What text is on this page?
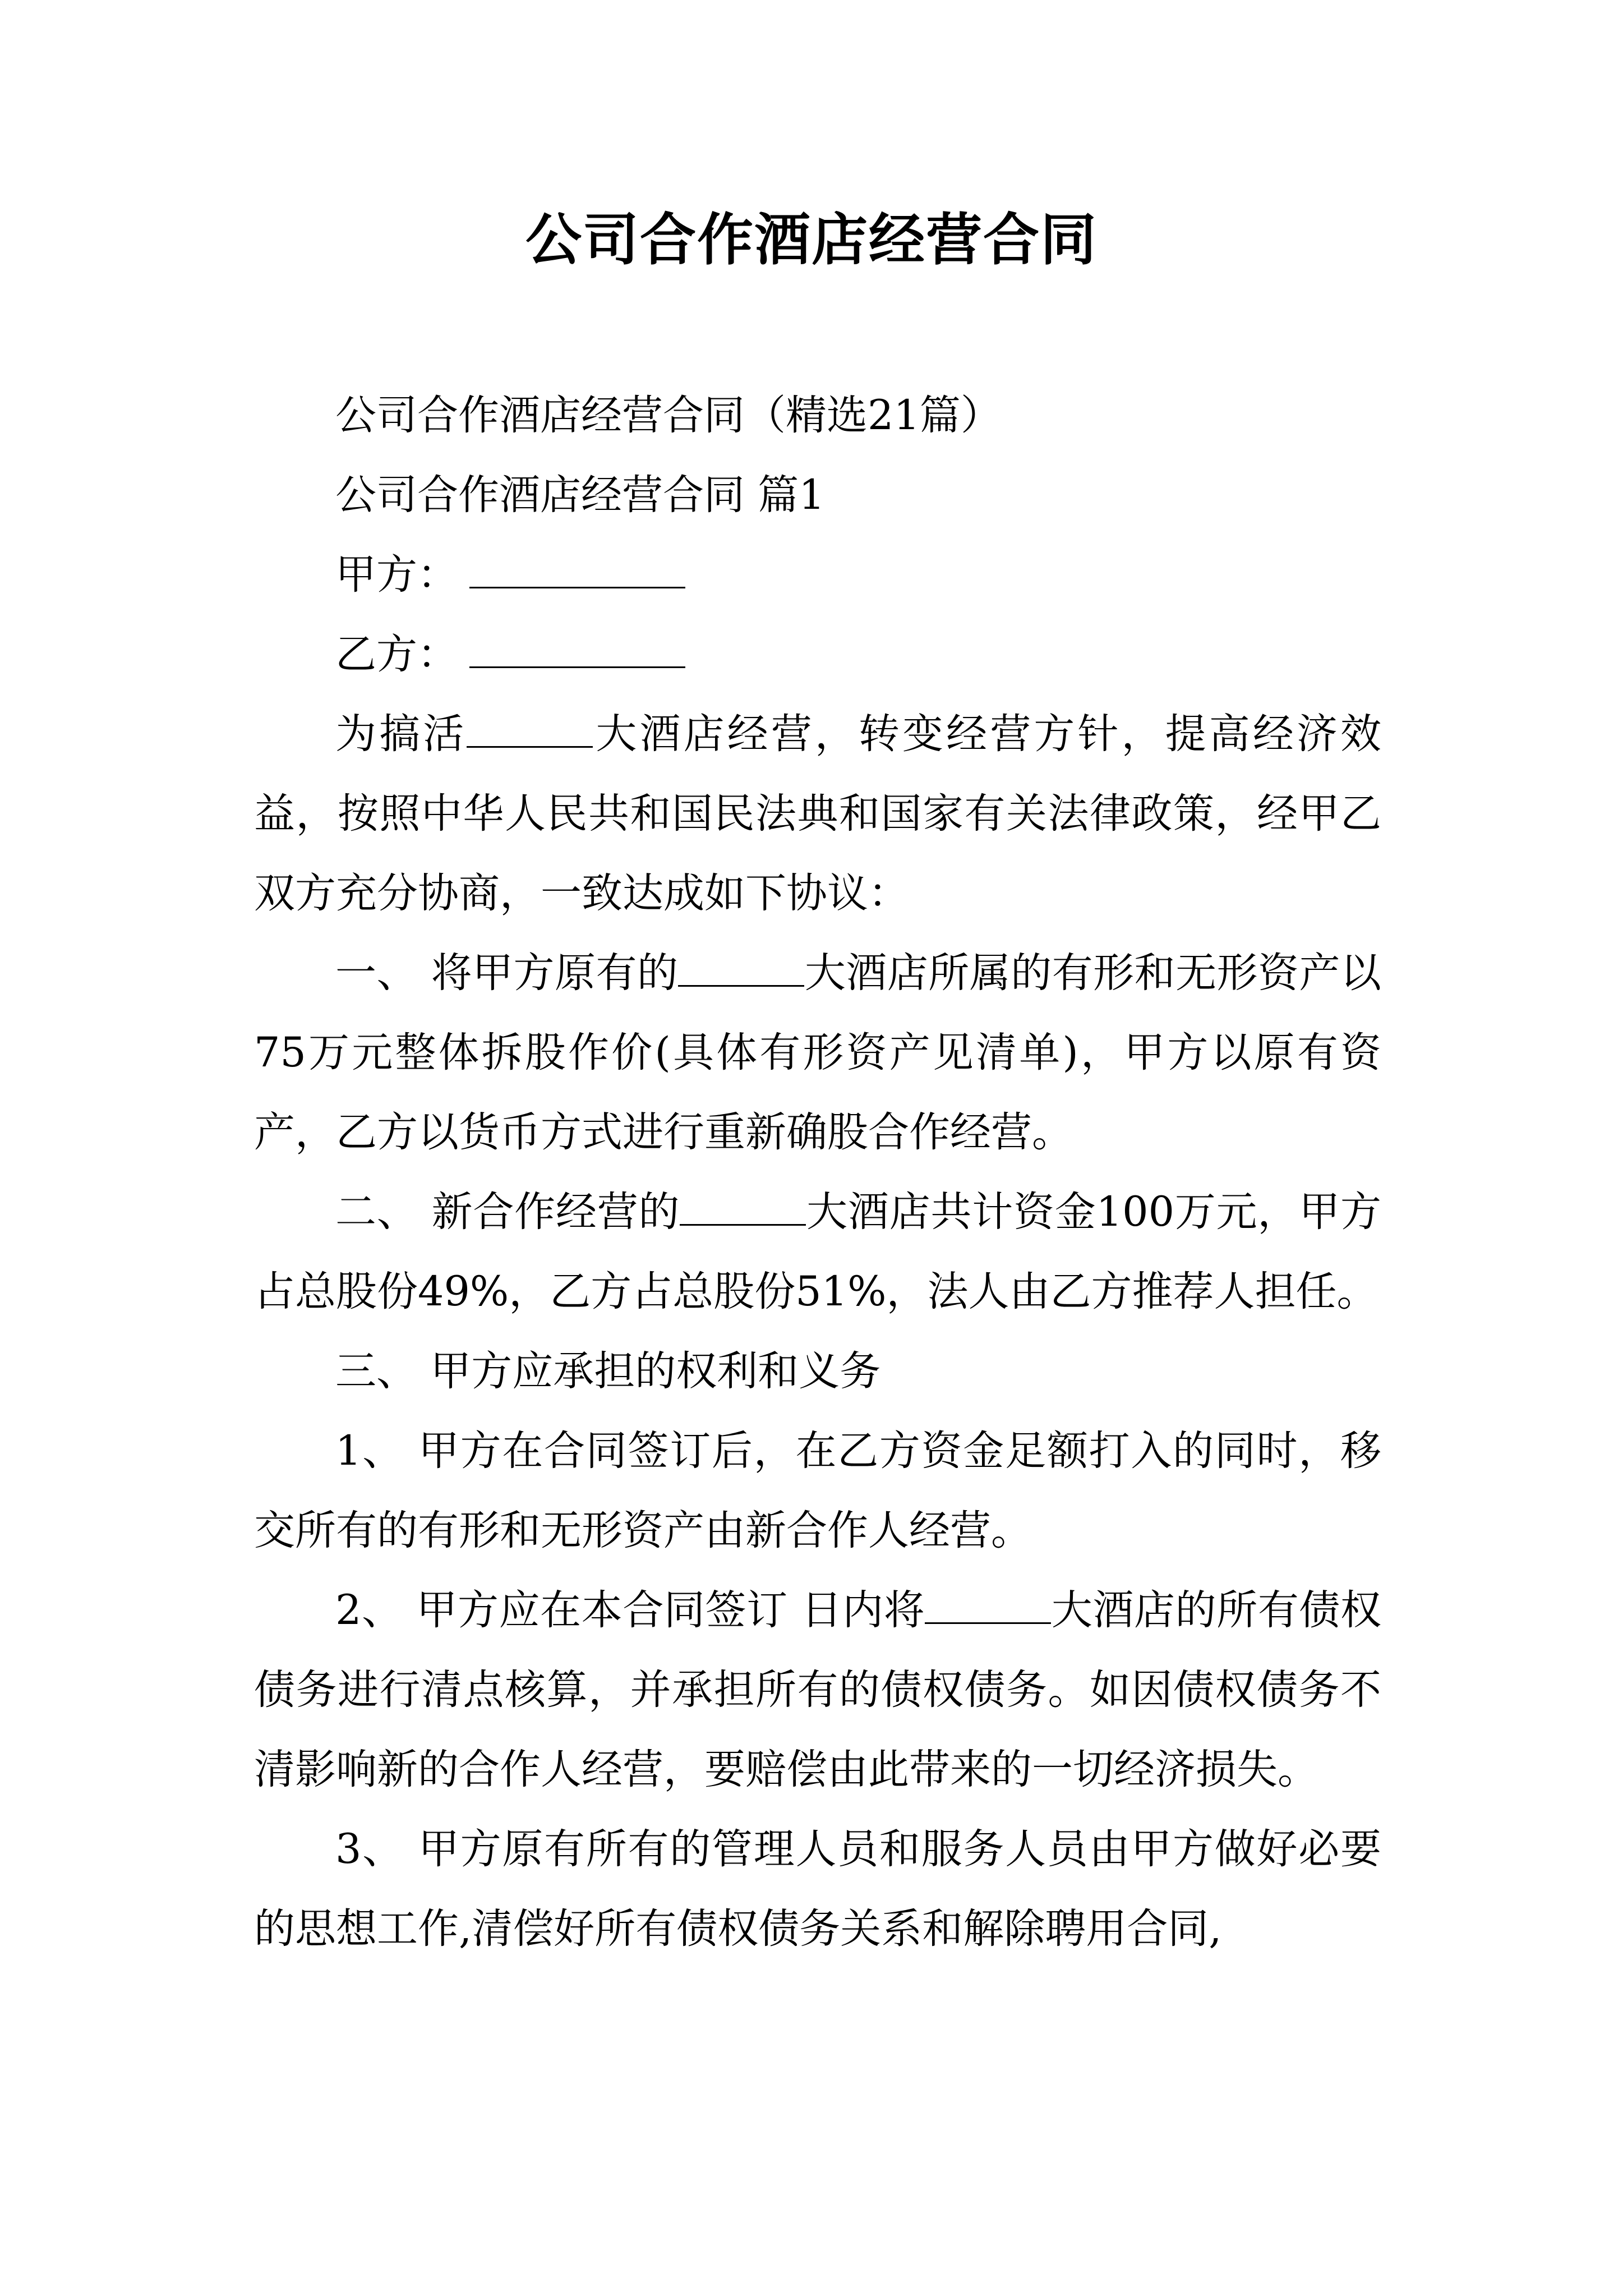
公司合作酒店经营合同

公司合作酒店经营合同（精选21篇）

公司合作酒店经营合同 篇1

甲方：

乙方：

为搞活	大酒店经营，转变经营方针，提高经济效益，按照中华人民共和国民法典和国家有关法律政策，经甲乙双方充分协商，一致达成如下协议：

一、 将甲方原有的	大酒店所属的有形和无形资产以75万元整体拆股作价(具体有形资产见清单)，甲方以原有资产，乙方以货币方式进行重新确股合作经营。

二、 新合作经营的	大酒店共计资金100万元，甲方占总股份49%，乙方占总股份51%，法人由乙方推荐人担任。

三、 甲方应承担的权利和义务

1、 甲方在合同签订后，在乙方资金足额打入的同时，移交所有的有形和无形资产由新合作人经营。

2、 甲方应在本合同签订 日内将	大酒店的所有债权债务进行清点核算，并承担所有的债权债务。如因债权债务不清影响新的合作人经营，要赔偿由此带来的一切经济损失。

3、 甲方原有所有的管理人员和服务人员由甲方做好必要的思想工作,清偿好所有债权债务关系和解除聘用合同,
